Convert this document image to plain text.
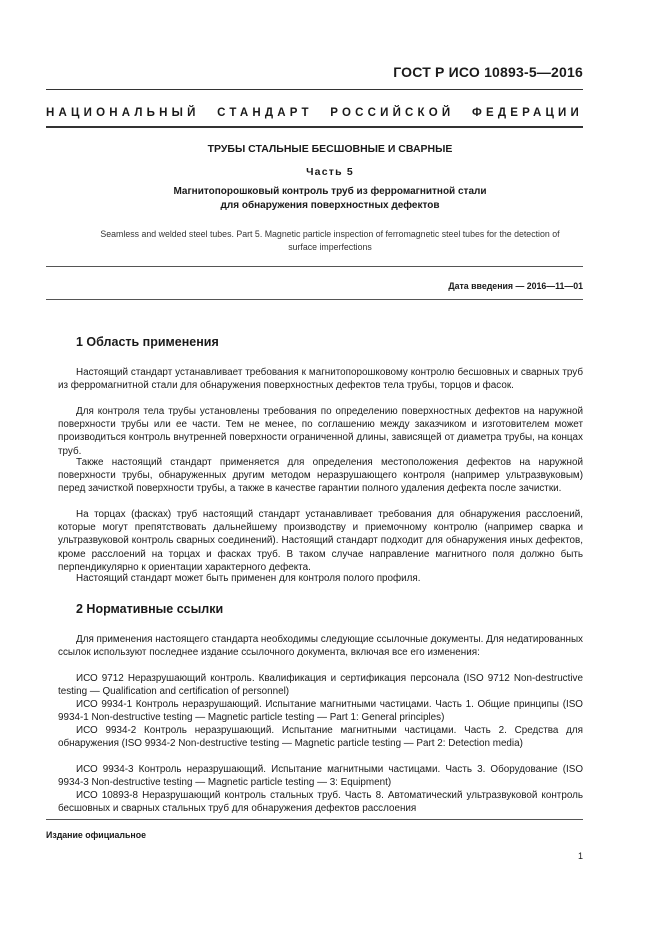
ГОСТ Р ИСО 10893-5—2016
НАЦИОНАЛЬНЫЙ СТАНДАРТ РОССИЙСКОЙ ФЕДЕРАЦИИ
ТРУБЫ СТАЛЬНЫЕ БЕСШОВНЫЕ И СВАРНЫЕ
Часть 5
Магнитопорошковый контроль труб из ферромагнитной стали
для обнаружения поверхностных дефектов
Seamless and welded steel tubes. Part 5. Magnetic particle inspection of ferromagnetic steel tubes for the detection of
surface imperfections
Дата введения — 2016—11—01
1 Область применения

Настоящий стандарт устанавливает требования к магнитопорошковому контролю бесшовных и сварных труб из ферромагнитной стали для обнаружения поверхностных дефектов тела трубы, торцов и фасок.

Для контроля тела трубы установлены требования по определению поверхностных дефектов на наружной поверхности трубы или ее части. Тем не менее, по соглашению между заказчиком и изготовителем может производиться контроль внутренней поверхности ограниченной длины, зависящей от диаметра трубы, на концах труб.

Также настоящий стандарт применяется для определения местоположения дефектов на наружной поверхности трубы, обнаруженных другим методом неразрушающего контроля (например ультразвуковым) перед зачисткой поверхности трубы, а также в качестве гарантии полного удаления дефекта после зачистки.

На торцах (фасках) труб настоящий стандарт устанавливает требования для обнаружения расслоений, которые могут препятствовать дальнейшему производству и приемочному контролю (например сварка и ультразвуковой контроль сварных соединений). Настоящий стандарт подходит для обнаружения иных дефектов, кроме расслоений на торцах и фасках труб. В таком случае направление магнитного поля должно быть перпендикулярно к ориентации характерного дефекта.

Настоящий стандарт может быть применен для контроля полого профиля.

2 Нормативные ссылки

Для применения настоящего стандарта необходимы следующие ссылочные документы. Для недатированных ссылок используют последнее издание ссылочного документа, включая все его изменения:

ИСО 9712 Неразрушающий контроль. Квалификация и сертификация персонала (ISO 9712 Non-destructive testing — Qualification and certification of personnel)

ИСО 9934-1 Контроль неразрушающий. Испытание магнитными частицами. Часть 1. Общие принципы (ISO 9934-1 Non-destructive testing — Magnetic particle testing — Part 1: General principles)

ИСО 9934-2 Контроль неразрушающий. Испытание магнитными частицами. Часть 2. Средства для обнаружения (ISO 9934-2 Non-destructive testing — Magnetic particle testing — Part 2: Detection media)

ИСО 9934-3 Контроль неразрушающий. Испытание магнитными частицами. Часть 3. Оборудование (ISO 9934-3 Non-destructive testing — Magnetic particle testing — 3: Equipment)

ИСО 10893-8 Неразрушающий контроль стальных труб. Часть 8. Автоматический ультразвуковой контроль бесшовных и сварных стальных труб для обнаружения дефектов расслоения

Издание официальное
1
